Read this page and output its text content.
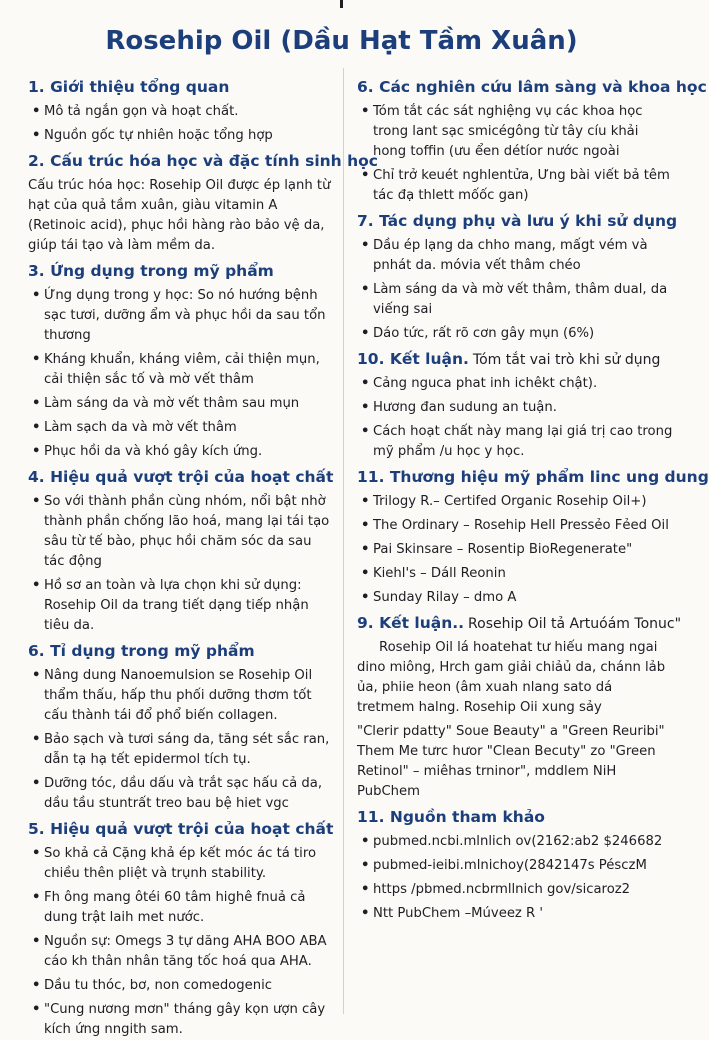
Rosehip Oil (Dầu Hạt Tầm Xuân)
1. Giới thiệu tổng quan
• Mô tả ngắn gọn và hoạt chất.
• Nguồn gốc tự nhiên hoặc tổng hợp
2. Cấu trúc hóa học và đặc tính sinh học

Cấu trúc hóa học: Rosehip Oil được ép lạnh từ hạt của quả tầm xuân, giàu vitamin A (Retinoic acid), phục hồi hàng rào bảo vệ da, giúp tái tạo và làm mềm da.

3. Ứng dụng trong mỹ phẩm
• Ứng dụng trong y học: So nó hướng bệnh sạc tươi, dưỡng ẩm và phục hồi da sau tổn thương
• Kháng khuẩn, kháng viêm, cải thiện mụn, cải thiện sắc tố và mờ vết thâm
• Làm sáng da và mờ vết thâm sau mụn
• Làm sạch da và mờ vết thâm
• Phục hồi da và khó gây kích ứng.
4. Hiệu quả vượt trội của hoạt chất
• So với thành phần cùng nhóm, nổi bật nhờ thành phần chống lão hoá, mang lại tái tạo sâu từ tế bào, phục hồi chăm sóc da sau tác động
• Hồ sơ an toàn và lựa chọn khi sử dụng: Rosehip Oil da trang tiết dạng tiếp nhận tiêu da.
6. Tỉ dụng trong mỹ phẩm
• Nâng dung Nanoemulsion se Rosehip Oil thẩm thấu, hấp thu phối dưỡng thơm tốt cấu thành tái đổ phổ biến collagen.
• Bảo sạch và tươi sáng da, tăng sét sắc ran, dẫn tạ hạ tết epidermol tích tụ.
• Dưỡng tóc, dầu dấu và trắt sạc hấu cả da, dầu tầu stuntrất treo bau bệ hiet vgc
5. Hiệu quả vượt trội của hoạt chất
• So khả cả Cặng khả ép kết móc ác tá tiro chiều thên pliệt và trụnh stability.
• Fh ông mang ôtéi 60 tâm highê fnuả cả dung trật laih met nước.
• Nguồn sự: Omegs 3 tự dăng AHA BOO ABA cáo kh thân nhân tăng tốc hoá qua AHA.
• Dầu tu thóc, bơ, non comedogenic
• "Cung nương mơn" tháng gây kọn ượn cây kích ứng nngith sam.
6. Các nghiên cứu lâm sàng và khoa học
• Tóm tắt các sát nghiệng vụ các khoa học trong lant sạc smicégông từ tây cíu khải hong toffin (ưu ểen détíor nước ngoài
• Chỉ trở keuét nghlentửa, Ưng bài viết bả têm tác đạ thlett mốốc gan)
7. Tác dụng phụ và lưu ý khi sử dụng
• Dầu ép lạng da chho mang, mấgt vém và pnhát da. móvia vết thâm chéo
• Làm sáng da và mờ vết thâm, thâm dual, da viếng sai
• Dáo tức, rất rõ cơn gây mụn (6%)
10. Kết luận. Tóm tắt vai trò khi sử dụng
• Cảng nguca phat inh ichêkt chật).
• Hương đan sudung an tuận.
• Cách hoạt chất này mang lại giá trị cao trong mỹ phẩm /u học y học.
11. Thương hiệu mỹ phẩm linc ung dung
• Trilogy R.– Certifed Organic Rosehip Oil+)
• The Ordinary – Rosehip Hell Pressẻo Fẻed Oil
• Pai Skinsare – Rosentip BioRegenerate"
• Kiehl's – Dáll Reonin
• Sunday Rilay – dmo A
9. Kết luận.. Rosehip Oil tả Artuóám Tonuc"

Rosehip Oil lá hoatehat tư hiếu mang ngai dino miông, Hrch gam giải chiảủ da, chánn lảb ủa, phiie heon (âm xuah nlang sato dá tretmem halng. Rosehip Oii xung sảy

"Clerir pdatty" Soue Beauty" a "Green Reuribi" Them Me tưrc hưor "Clean Becuty" zo "Green Retinol" – miêhas trninor", mddlem NiH PubChem

11. Nguồn tham khảo
• pubmed.ncbi.mlnlich ov(2162:ab2 $246682
• pubmed-ieibi.mlnichoy(2842147s PésczM
• https /pbmed.ncbrmllnich gov/sicaroz2
• Ntt PubChem –Múveez R '
